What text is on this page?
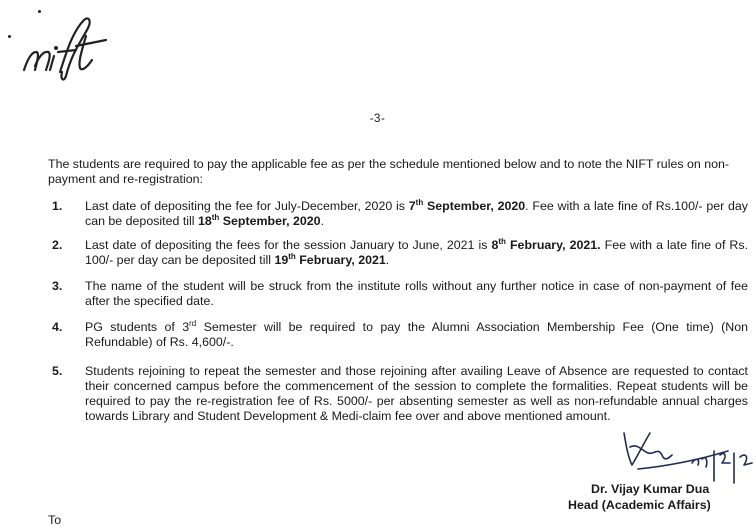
-3-
The students are required to pay the applicable fee as per the schedule mentioned below and to note the NIFT rules on non-payment and re-registration:
1. Last date of depositing the fee for July-December, 2020 is 7th September, 2020. Fee with a late fine of Rs.100/- per day can be deposited till 18th September, 2020.
2. Last date of depositing the fees for the session January to June, 2021 is 8th February, 2021. Fee with a late fine of Rs. 100/- per day can be deposited till 19th February, 2021.
3. The name of the student will be struck from the institute rolls without any further notice in case of non-payment of fee after the specified date.
4. PG students of 3rd Semester will be required to pay the Alumni Association Membership Fee (One time) (Non Refundable) of Rs. 4,600/-.
5. Students rejoining to repeat the semester and those rejoining after availing Leave of Absence are requested to contact their concerned campus before the commencement of the session to complete the formalities. Repeat students will be required to pay the re-registration fee of Rs. 5000/- per absenting semester as well as non-refundable annual charges towards Library and Student Development & Medi-claim fee over and above mentioned amount.
Dr. Vijay Kumar Dua
Head (Academic Affairs)
To
